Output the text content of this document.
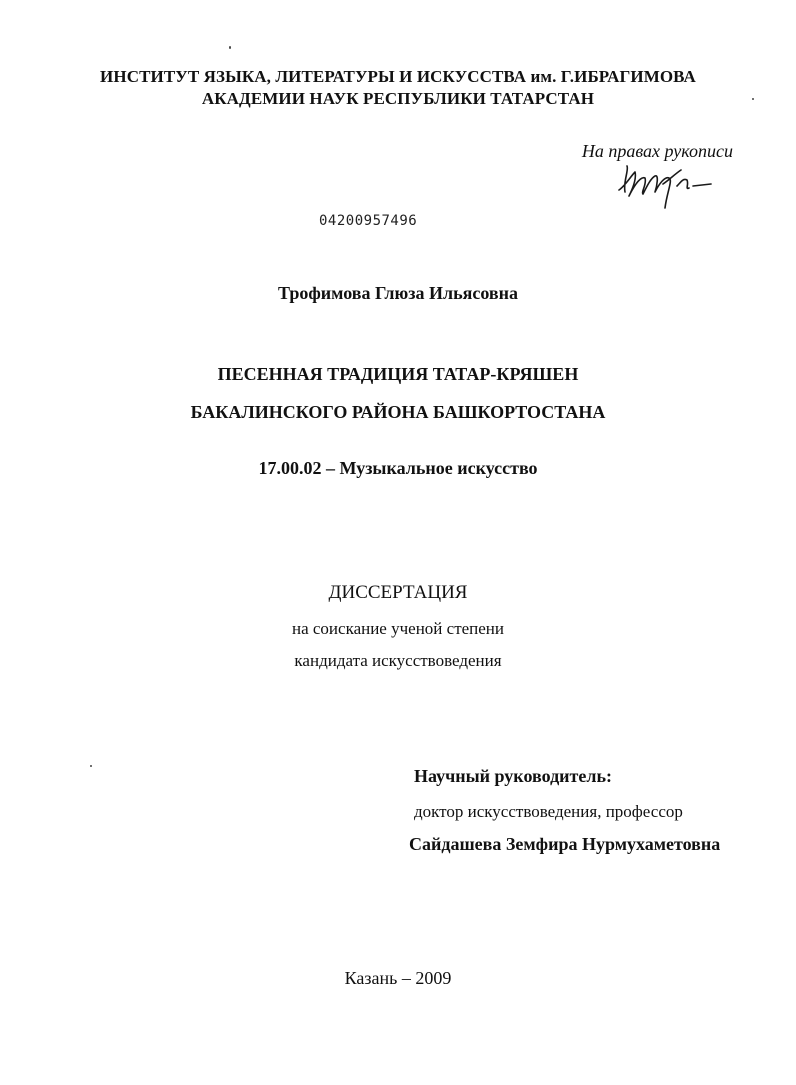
ИНСТИТУТ ЯЗЫКА, ЛИТЕРАТУРЫ И ИСКУССТВА им. Г.ИБРАГИМОВА
АКАДЕМИИ НАУК РЕСПУБЛИКИ ТАТАРСТАН
На правах рукописи
04200957496
Трофимова Глюза Ильясовна
ПЕСЕННАЯ ТРАДИЦИЯ ТАТАР-КРЯШЕН
БАКАЛИНСКОГО РАЙОНА БАШКОРТОСТАНА
17.00.02 – Музыкальное искусство
ДИССЕРТАЦИЯ
на соискание ученой степени
кандидата искусствоведения
Научный руководитель:
доктор искусствоведения, профессор
Сайдашева Земфира Нурмухаметовна
Казань – 2009
